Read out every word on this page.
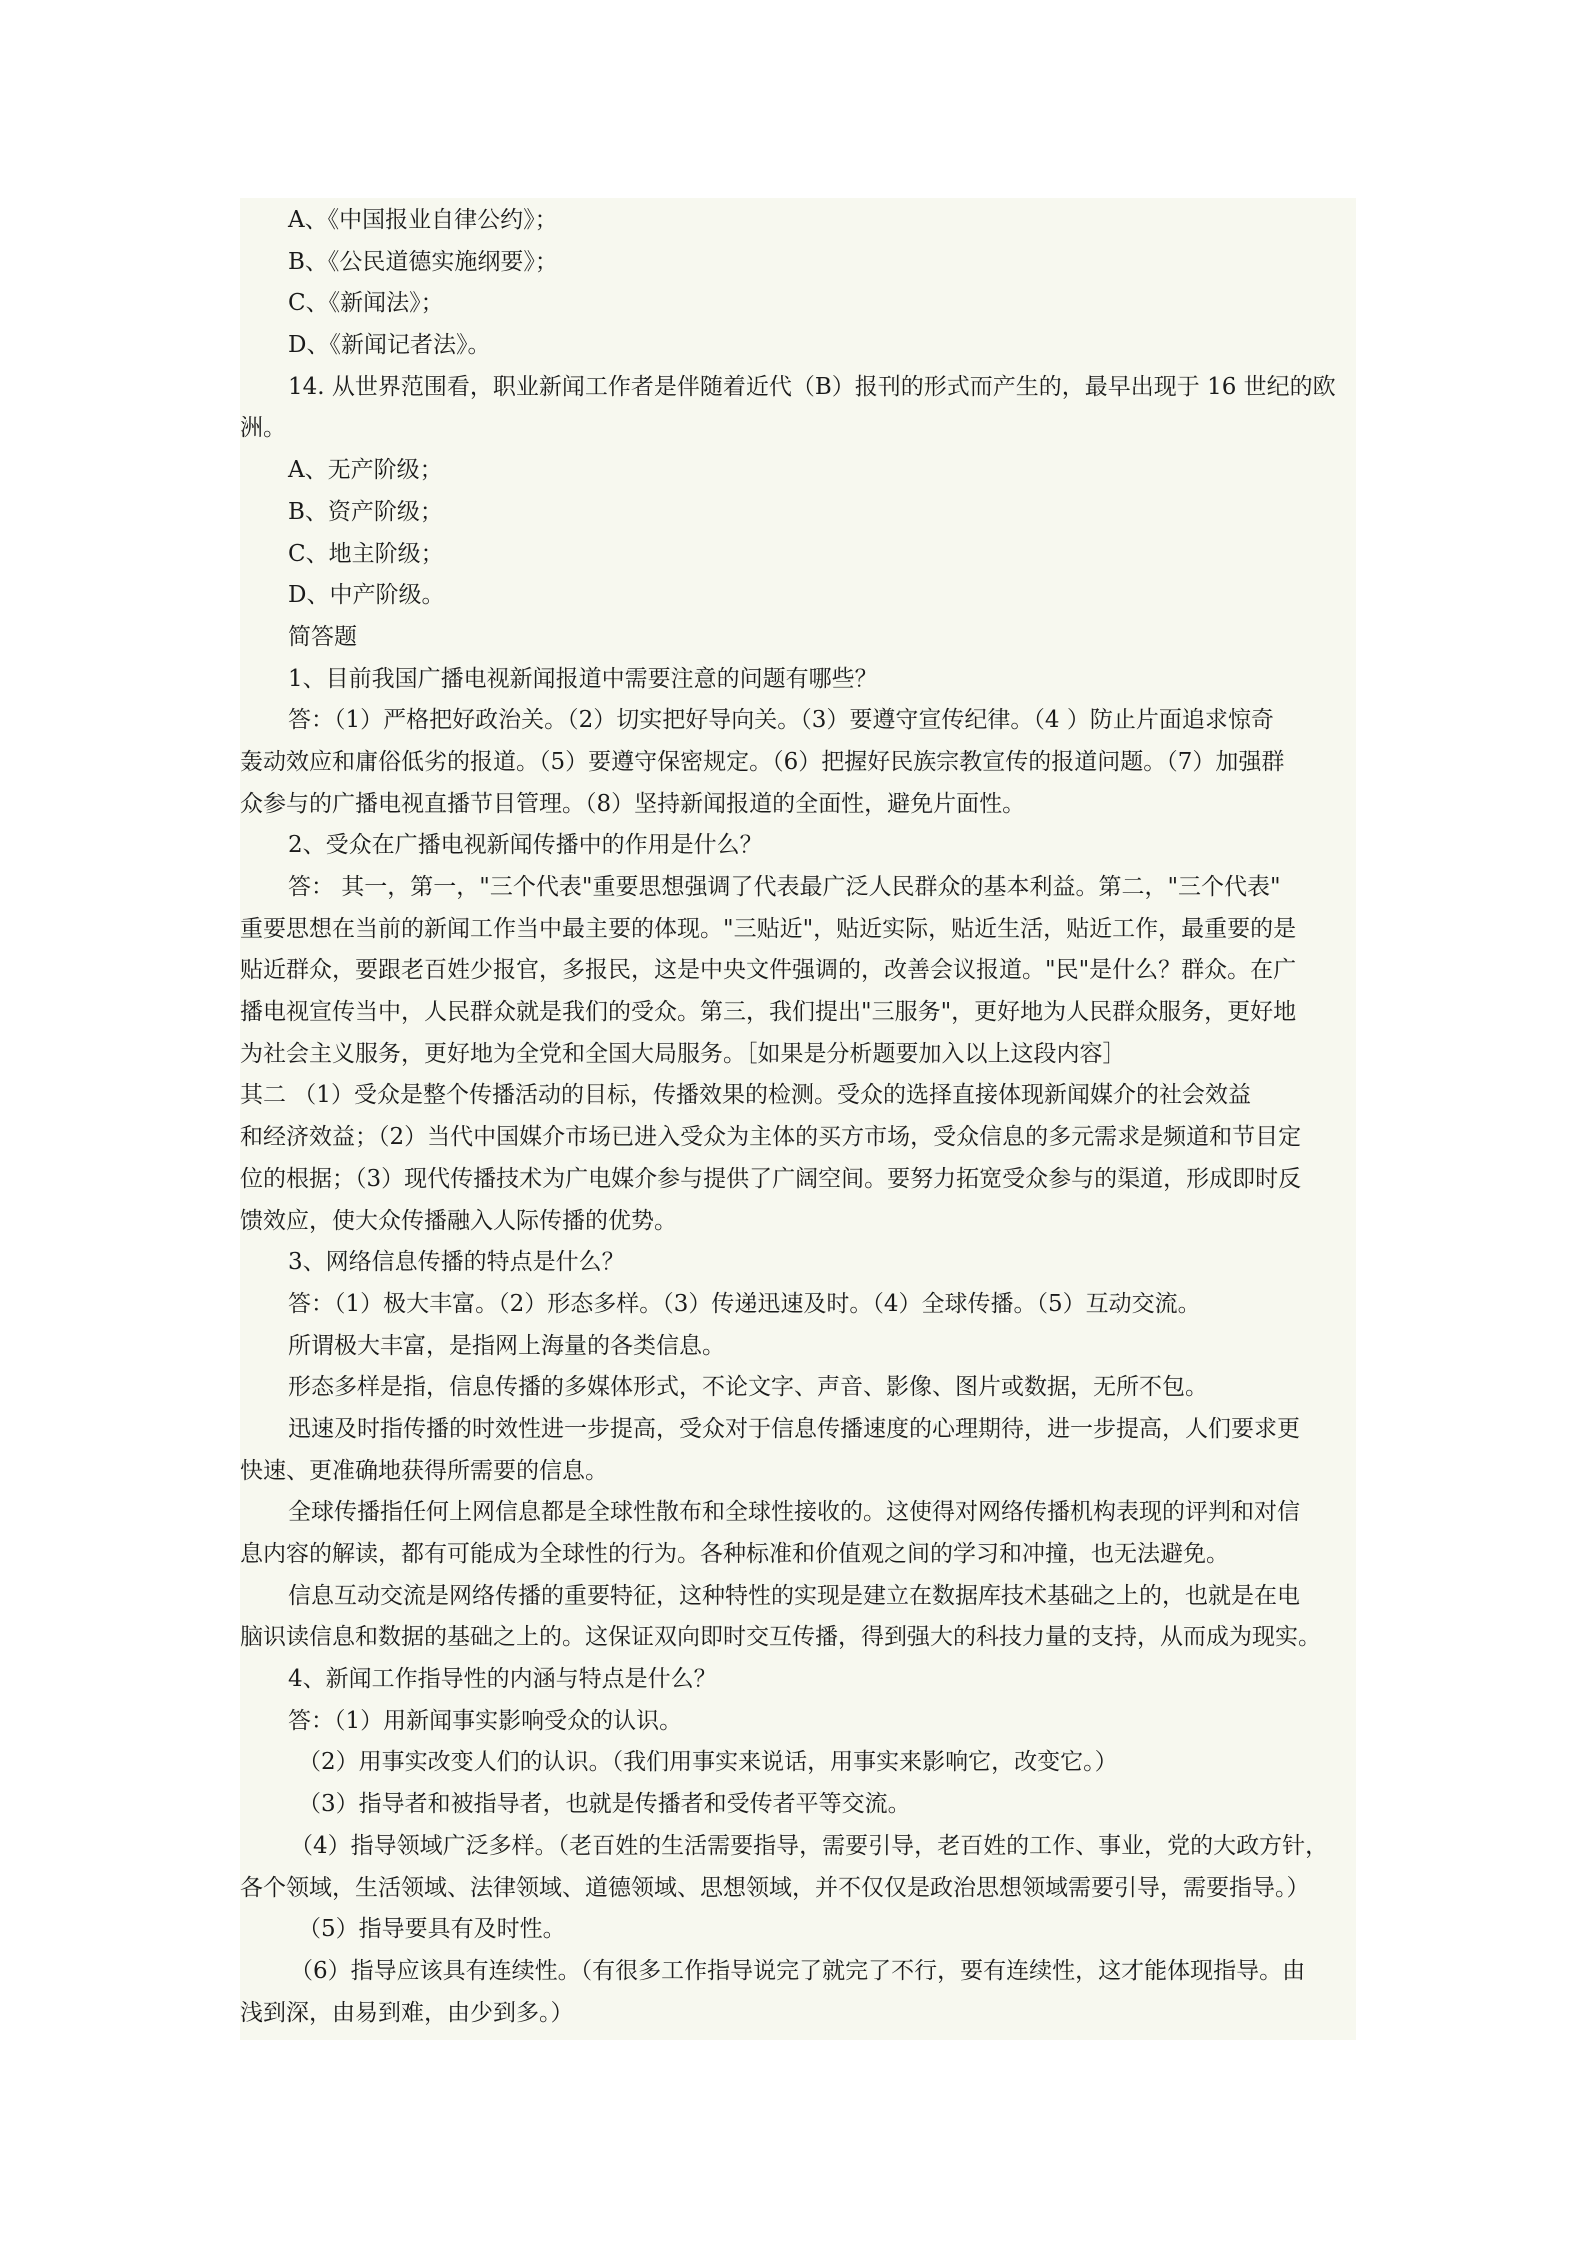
A、《中国报业自律公约》；
B、《公民道德实施纲要》；
C、《新闻法》；
D、《新闻记者法》。
14. 从世界范围看，职业新闻工作者是伴随着近代（B）报刊的形式而产生的，最早出现于 16 世纪的欧
洲。
A、无产阶级；
B、资产阶级；
C、地主阶级；
D、中产阶级。
简答题
1、目前我国广播电视新闻报道中需要注意的问题有哪些？
答：（1）严格把好政治关。（2）切实把好导向关。（3）要遵守宣传纪律。（4 ）防止片面追求惊奇
轰动效应和庸俗低劣的报道。（5）要遵守保密规定。（6）把握好民族宗教宣传的报道问题。（7）加强群
众参与的广播电视直播节目管理。（8）坚持新闻报道的全面性，避免片面性。
2、受众在广播电视新闻传播中的作用是什么？
答： 其一，第一，"三个代表"重要思想强调了代表最广泛人民群众的基本利益。第二，"三个代表"
重要思想在当前的新闻工作当中最主要的体现。"三贴近"，贴近实际，贴近生活，贴近工作，最重要的是
贴近群众，要跟老百姓少报官，多报民，这是中央文件强调的，改善会议报道。"民"是什么？群众。在广
播电视宣传当中，人民群众就是我们的受众。第三，我们提出"三服务"，更好地为人民群众服务，更好地
为社会主义服务，更好地为全党和全国大局服务。［如果是分析题要加入以上这段内容］
其二 （1）受众是整个传播活动的目标，传播效果的检测。受众的选择直接体现新闻媒介的社会效益
和经济效益；（2）当代中国媒介市场已进入受众为主体的买方市场，受众信息的多元需求是频道和节目定
位的根据；（3）现代传播技术为广电媒介参与提供了广阔空间。要努力拓宽受众参与的渠道，形成即时反
馈效应，使大众传播融入人际传播的优势。
3、网络信息传播的特点是什么？
答：（1）极大丰富。（2）形态多样。（3）传递迅速及时。（4）全球传播。（5）互动交流。
所谓极大丰富，是指网上海量的各类信息。
形态多样是指，信息传播的多媒体形式，不论文字、声音、影像、图片或数据，无所不包。
迅速及时指传播的时效性进一步提高，受众对于信息传播速度的心理期待，进一步提高，人们要求更
快速、更准确地获得所需要的信息。
全球传播指任何上网信息都是全球性散布和全球性接收的。这使得对网络传播机构表现的评判和对信
息内容的解读，都有可能成为全球性的行为。各种标准和价值观之间的学习和冲撞，也无法避免。
信息互动交流是网络传播的重要特征，这种特性的实现是建立在数据库技术基础之上的，也就是在电
脑识读信息和数据的基础之上的。这保证双向即时交互传播，得到强大的科技力量的支持，从而成为现实。
4、新闻工作指导性的内涵与特点是什么？
答：（1）用新闻事实影响受众的认识。
（2）用事实改变人们的认识。（我们用事实来说话，用事实来影响它，改变它。）
（3）指导者和被指导者，也就是传播者和受传者平等交流。
（4）指导领域广泛多样。（老百姓的生活需要指导，需要引导，老百姓的工作、事业，党的大政方针，
各个领域，生活领域、法律领域、道德领域、思想领域，并不仅仅是政治思想领域需要引导，需要指导。）
（5）指导要具有及时性。
（6）指导应该具有连续性。（有很多工作指导说完了就完了不行，要有连续性，这才能体现指导。由
浅到深，由易到难，由少到多。）
